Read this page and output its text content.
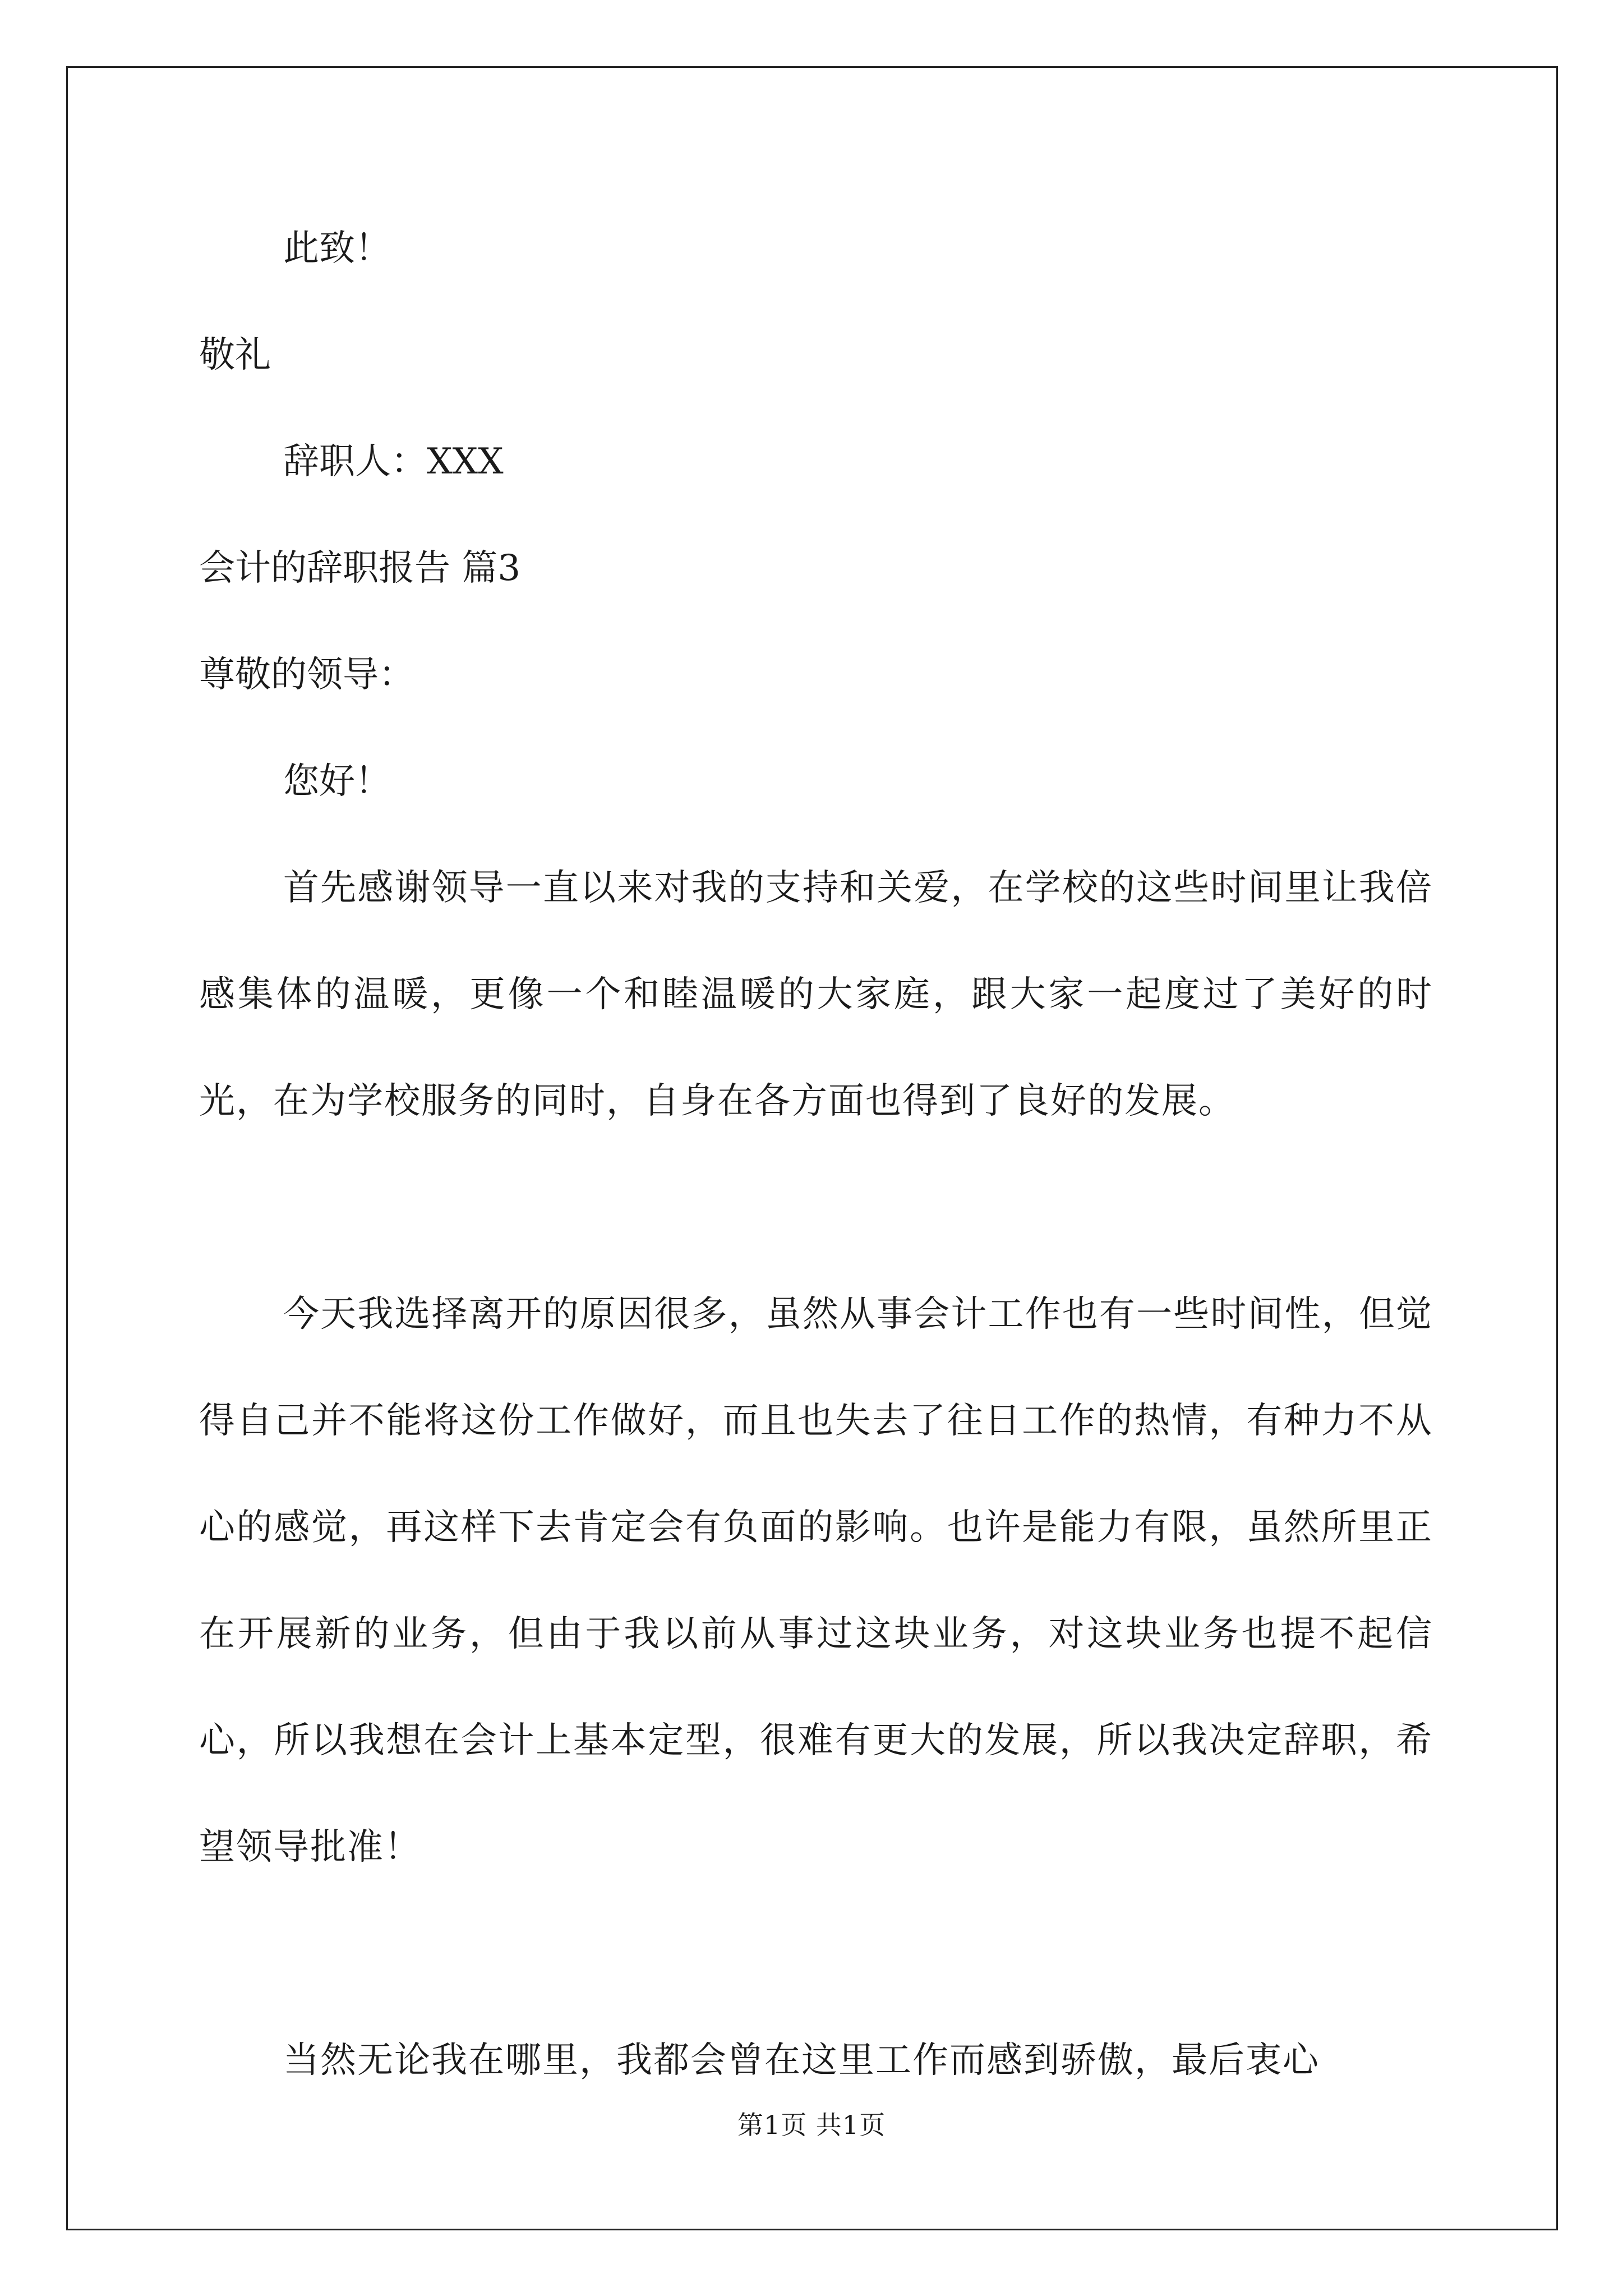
此致！
敬礼
辞职人：XXX
会计的辞职报告 篇3
尊敬的领导：
您好！
首先感谢领导一直以来对我的支持和关爱，在学校的这些时间里让我倍感集体的温暖，更像一个和睦温暖的大家庭，跟大家一起度过了美好的时光，在为学校服务的同时，自身在各方面也得到了良好的发展。
今天我选择离开的原因很多，虽然从事会计工作也有一些时间性，但觉得自己并不能将这份工作做好，而且也失去了往日工作的热情，有种力不从心的感觉，再这样下去肯定会有负面的影响。也许是能力有限，虽然所里正在开展新的业务，但由于我以前从事过这块业务，对这块业务也提不起信心，所以我想在会计上基本定型，很难有更大的发展，所以我决定辞职，希望领导批准！
当然无论我在哪里，我都会曾在这里工作而感到骄傲，最后衷心
第1页 共1页
